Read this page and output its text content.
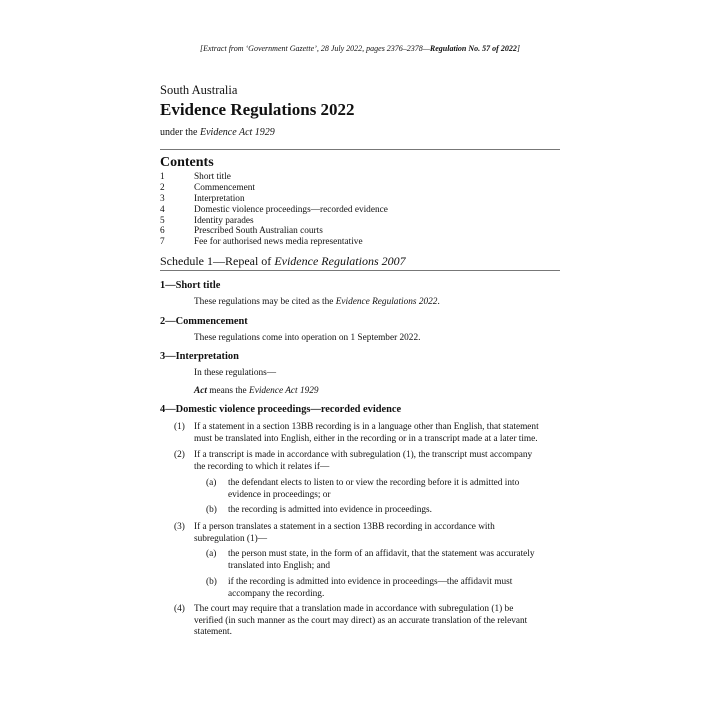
[Extract from ‘Government Gazette’, 28 July 2022, pages 2376–2378—Regulation No. 57 of 2022]
South Australia
Evidence Regulations 2022
under the Evidence Act 1929
Contents
1	Short title
2	Commencement
3	Interpretation
4	Domestic violence proceedings—recorded evidence
5	Identity parades
6	Prescribed South Australian courts
7	Fee for authorised news media representative
Schedule 1—Repeal of Evidence Regulations 2007
1—Short title
These regulations may be cited as the Evidence Regulations 2022.
2—Commencement
These regulations come into operation on 1 September 2022.
3—Interpretation
In these regulations—
Act means the Evidence Act 1929
4—Domestic violence proceedings—recorded evidence
(1) If a statement in a section 13BB recording is in a language other than English, that statement
must be translated into English, either in the recording or in a transcript made at a later time.
(2) If a transcript is made in accordance with subregulation (1), the transcript must accompany
the recording to which it relates if—
(a) the defendant elects to listen to or view the recording before it is admitted into
evidence in proceedings; or
(b) the recording is admitted into evidence in proceedings.
(3) If a person translates a statement in a section 13BB recording in accordance with
subregulation (1)—
(a) the person must state, in the form of an affidavit, that the statement was accurately
translated into English; and
(b) if the recording is admitted into evidence in proceedings—the affidavit must
accompany the recording.
(4) The court may require that a translation made in accordance with subregulation (1) be
verified (in such manner as the court may direct) as an accurate translation of the relevant
statement.
